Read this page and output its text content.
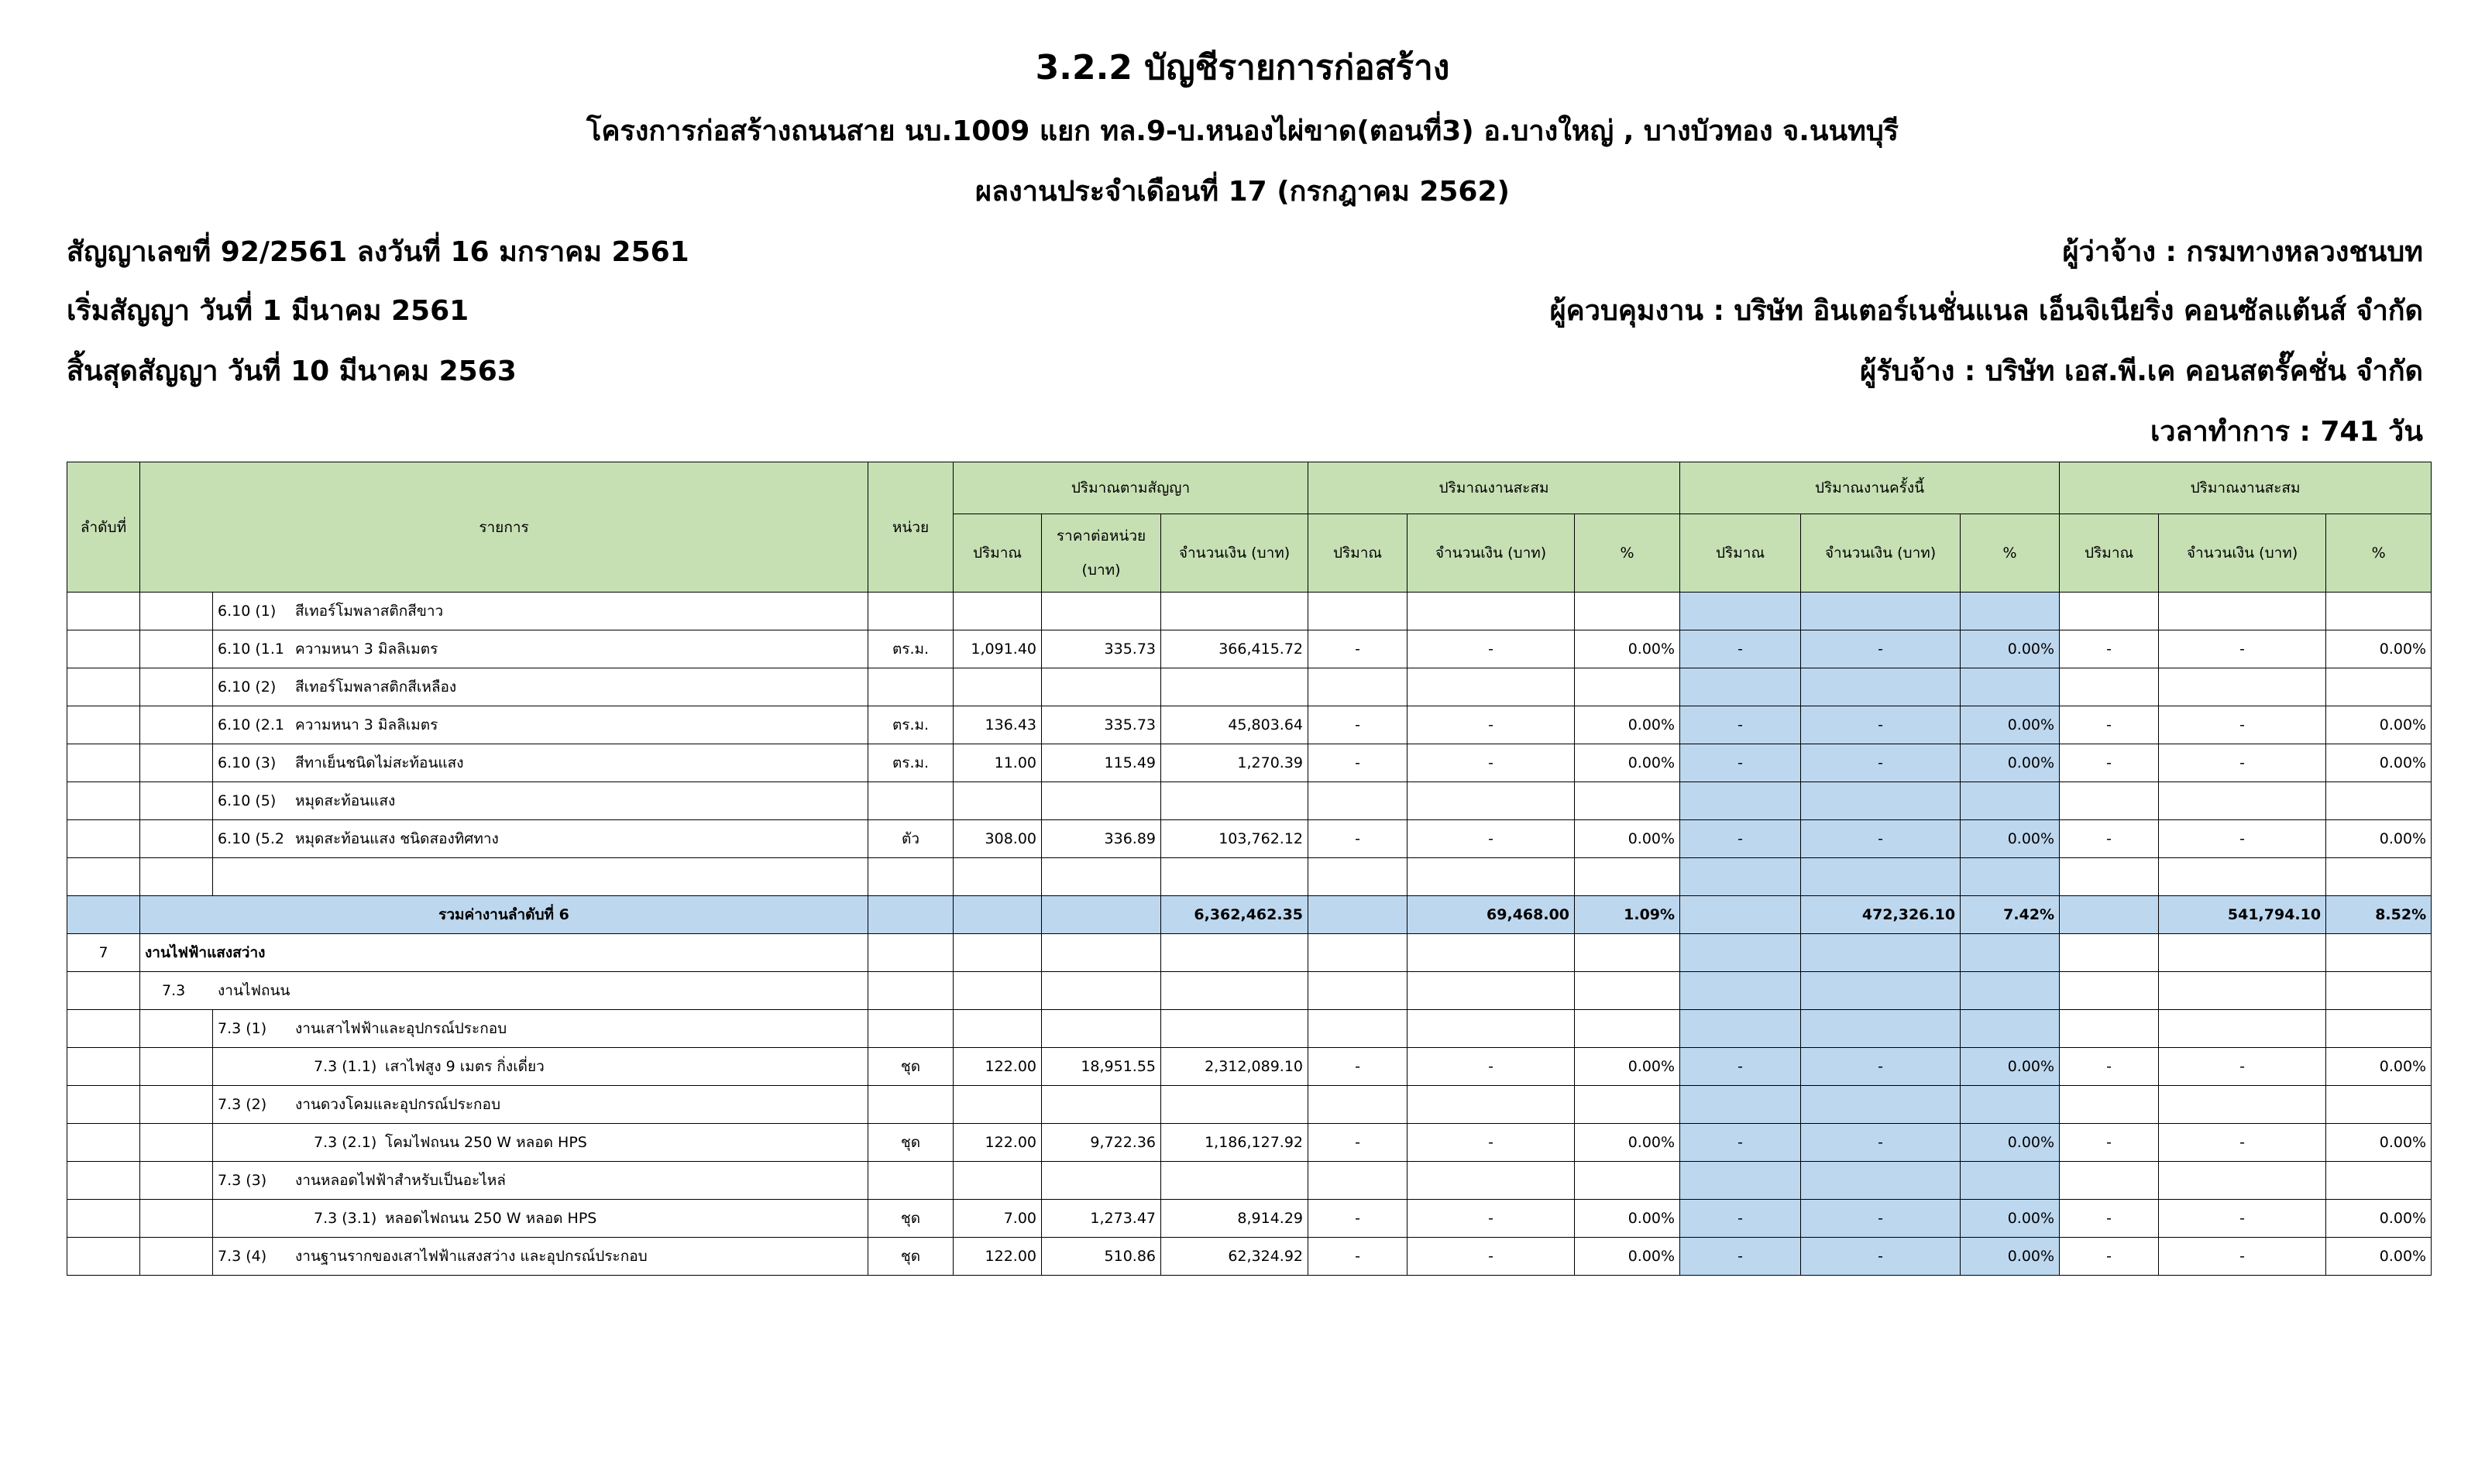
3.2.2 บัญชีรายการก่อสร้าง
โครงการก่อสร้างถนนสาย นบ.1009 แยก ทล.9-บ.หนองไผ่ขาด(ตอนที่3) อ.บางใหญ่ , บางบัวทอง จ.นนทบุรี
ผลงานประจำเดือนที่ 17 (กรกฎาคม 2562)
สัญญาเลขที่ 92/2561 ลงวันที่ 16 มกราคม 2561
เริ่มสัญญา วันที่ 1 มีนาคม 2561
สิ้นสุดสัญญา วันที่ 10 มีนาคม 2563
ผู้ว่าจ้าง : กรมทางหลวงชนบท
ผู้ควบคุมงาน : บริษัท อินเตอร์เนชั่นแนล เอ็นจิเนียริ่ง คอนซัลแต้นส์ จำกัด
ผู้รับจ้าง : บริษัท เอส.พี.เค คอนสตรั๊คชั่น จำกัด
เวลาทำการ : 741 วัน
ลำดับที่	รายการ		หน่วย	ปริมาณตามสัญญา			ปริมาณงานสะสม			ปริมาณงานครั้งนี้			ปริมาณงานสะสม		
				ปริมาณ	ราคาต่อหน่วย (บาท)	จำนวนเงิน (บาท)	ปริมาณ	จำนวนเงิน (บาท)	%	ปริมาณ	จำนวนเงิน (บาท)	%	ปริมาณ	จำนวนเงิน (บาท)	%
		6.10 (1) สีเทอร์โมพลาสติกสีขาว													
		6.10 (1.1 ความหนา 3 มิลลิเมตร	ตร.ม.	1,091.40	335.73	366,415.72	-	-	0.00%	-	-	0.00%	-	-	0.00%
		6.10 (2) สีเทอร์โมพลาสติกสีเหลือง													
		6.10 (2.1 ความหนา 3 มิลลิเมตร	ตร.ม.	136.43	335.73	45,803.64	-	-	0.00%	-	-	0.00%	-	-	0.00%
		6.10 (3) สีทาเย็นชนิดไม่สะท้อนแสง	ตร.ม.	11.00	115.49	1,270.39	-	-	0.00%	-	-	0.00%	-	-	0.00%
		6.10 (5) หมุดสะท้อนแสง													
		6.10 (5.2 หมุดสะท้อนแสง ชนิดสองทิศทาง	ตัว	308.00	336.89	103,762.12	-	-	0.00%	-	-	0.00%	-	-	0.00%

	รวมค่างานลำดับที่ 6					6,362,462.35		69,468.00	1.09%		472,326.10	7.42%		541,794.10	8.52%
7	งานไฟฟ้าแสงสว่าง														
	7.3 งานไฟถนน														
		7.3 (1) งานเสาไฟฟ้าและอุปกรณ์ประกอบ													
		7.3 (1.1) เสาไฟสูง 9 เมตร กิ่งเดี่ยว	ชุด	122.00	18,951.55	2,312,089.10	-	-	0.00%	-	-	0.00%	-	-	0.00%
		7.3 (2) งานดวงโคมและอุปกรณ์ประกอบ													
		7.3 (2.1) โคมไฟถนน 250 W หลอด HPS	ชุด	122.00	9,722.36	1,186,127.92	-	-	0.00%	-	-	0.00%	-	-	0.00%
		7.3 (3) งานหลอดไฟฟ้าสำหรับเป็นอะไหล่													
		7.3 (3.1) หลอดไฟถนน 250 W หลอด HPS	ชุด	7.00	1,273.47	8,914.29	-	-	0.00%	-	-	0.00%	-	-	0.00%
		7.3 (4) งานฐานรากของเสาไฟฟ้าแสงสว่าง และอุปกรณ์ประกอบ	ชุด	122.00	510.86	62,324.92	-	-	0.00%	-	-	0.00%	-	-	0.00%
